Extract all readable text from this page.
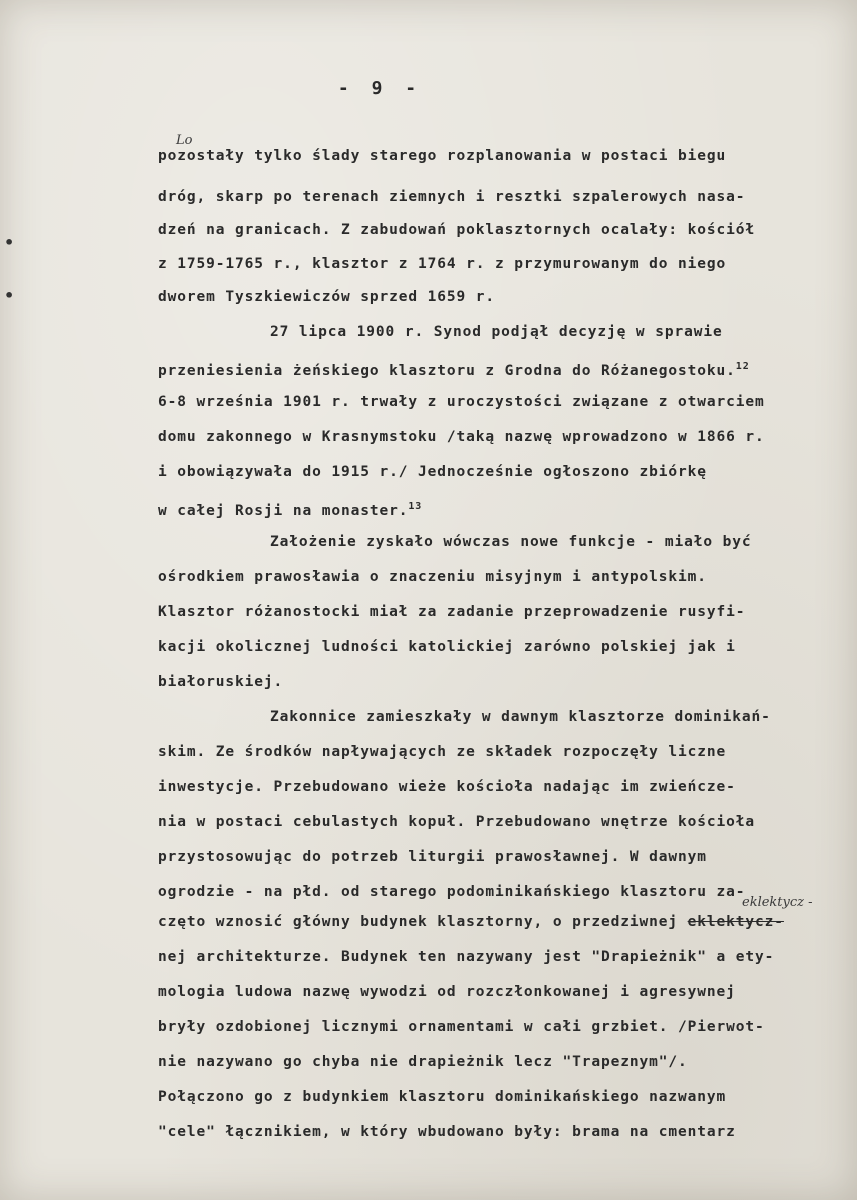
- 9 -
Lo
•
•
pozostały tylko ślady starego rozplanowania w postaci biegu
dróg, skarp po terenach ziemnych i resztki szpalerowych nasa-
dzeń na granicach. Z zabudowań poklasztornych ocalały: kościół
z 1759-1765 r., klasztor z 1764 r. z przymurowanym do niego
dworem Tyszkiewiczów sprzed 1659 r.
27 lipca 1900 r. Synod podjął decyzję w sprawie
przeniesienia żeńskiego klasztoru z Grodna do Różanegostoku.$^{12}$
6-8 września 1901 r. trwały z uroczystości związane z otwarciem
domu zakonnego w Krasnymstoku /taką nazwę wprowadzono w 1866 r.
i obowiązywała do 1915 r./ Jednocześnie ogłoszono zbiórkę
w całej Rosji na monaster.$^{13}$
Założenie zyskało wówczas nowe funkcje - miało być
ośrodkiem prawosławia o znaczeniu misyjnym i antypolskim.
Klasztor różanostocki miał za zadanie przeprowadzenie rusyfi-
kacji okolicznej ludności katolickiej zarówno polskiej jak i
białoruskiej.
Zakonnice zamieszkały w dawnym klasztorze dominikań-
skim. Ze środków napływających ze składek rozpoczęły liczne
inwestycje. Przebudowano wieże kościoła nadając im zwieńcze-
nia w postaci cebulastych kopuł. Przebudowano wnętrze kościoła
przystosowując do potrzeb liturgii prawosławnej. W dawnym
ogrodzie - na płd. od starego podominikańskiego klasztoru za-
eklektycz -
częto wznosić główny budynek klasztorny, o przedziwnej eklektycz-
nej architekturze. Budynek ten nazywany jest "Drapieżnik" a ety-
mologia ludowa nazwę wywodzi od rozczłonkowanej i agresywnej
bryły ozdobionej licznymi ornamentami w całi grzbiet. /Pierwot-
nie nazywano go chyba nie drapieżnik lecz "Trapeznym"/.
Połączono go z budynkiem klasztoru dominikańskiego nazwanym
"cele" łącznikiem, w który wbudowano były: brama na cmentarz
